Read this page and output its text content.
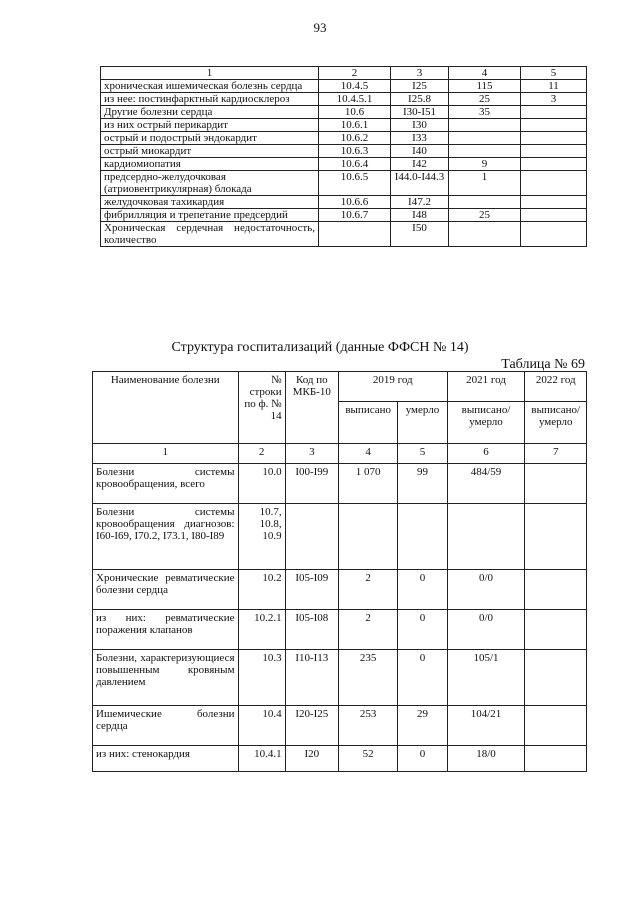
93
1	2	3	4	5
хроническая ишемическая болезнь сердца	10.4.5	I25	115	11
из нее: постинфарктный кардиосклероз	10.4.5.1	I25.8	25	3
Другие болезни сердца	10.6	I30-I51	35	
из них острый перикардит	10.6.1	I30		
острый и подострый эндокардит	10.6.2	I33		
острый миокардит	10.6.3	I40		
кардиомиопатия	10.6.4	I42	9	
предсердно-желудочковая (атриовентрикулярная) блокада	10.6.5	I44.0-I44.3	1	
желудочковая тахикардия	10.6.6	I47.2		
фибрилляция и трепетание предсердий	10.6.7	I48	25	
Хроническая сердечная недостаточность, количество		I50		
Структура госпитализаций (данные ФФСН № 14)
Таблица № 69
Наименование болезни	№ строки по ф. № 14	Код по МКБ-10	2019 год		2021 год	2022 год
			выписано	умерло	выписано/ умерло	выписано/ умерло
1	2	3	4	5	6	7
Болезни системы кровообращения, всего	10.0	I00-I99	1 070	99	484/59	
Болезни системы кровообращения диагнозов: I60-I69, I70.2, I73.1, I80-I89	10.7, 10.8, 10.9					
Хронические ревматические болезни сердца	10.2	I05-I09	2	0	0/0	
из них: ревматические поражения клапанов	10.2.1	I05-I08	2	0	0/0	
Болезни, характеризующиеся повышенным кровяным давлением	10.3	I10-I13	235	0	105/1	
Ишемические болезни сердца	10.4	I20-I25	253	29	104/21	
из них: стенокардия	10.4.1	I20	52	0	18/0	
